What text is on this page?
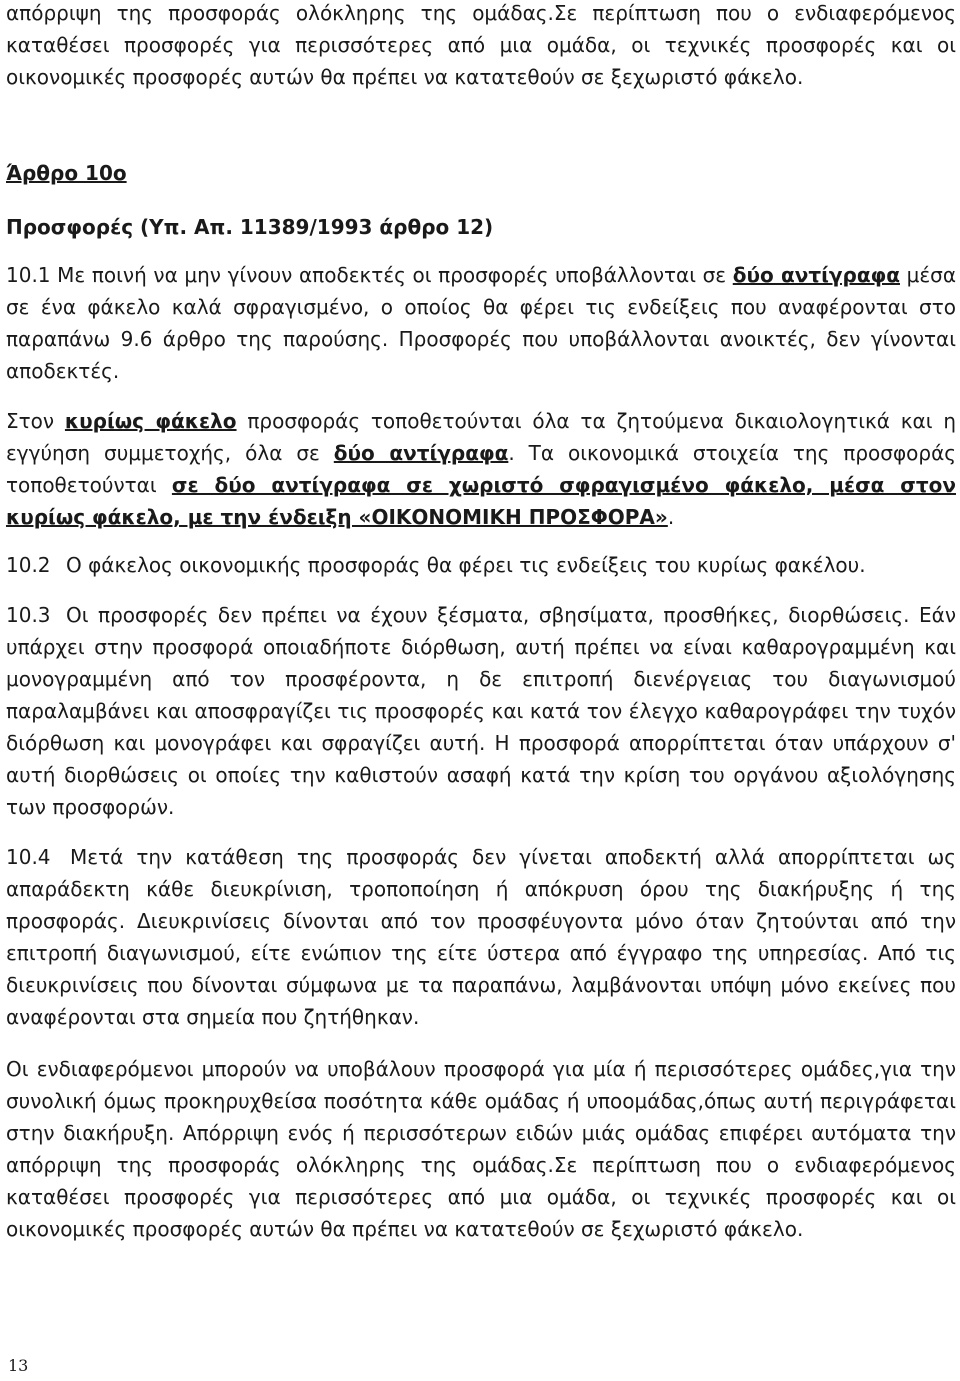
απόρριψη της προσφοράς ολόκληρης της ομάδας.Σε περίπτωση που ο ενδιαφερόμενος καταθέσει προσφορές για περισσότερες από μια ομάδα, οι τεχνικές προσφορές και οι οικονομικές προσφορές αυτών θα πρέπει να κατατεθούν σε ξεχωριστό φάκελο.

Άρθρο 10ο
Προσφορές (Υπ. Απ. 11389/1993 άρθρο 12)

10.1 Με ποινή να μην γίνουν αποδεκτές οι προσφορές υποβάλλονται σε δύο αντίγραφα μέσα σε ένα φάκελο καλά σφραγισμένο, ο οποίος θα φέρει τις ενδείξεις που αναφέρονται στο παραπάνω 9.6 άρθρο της παρούσης. Προσφορές που υποβάλλονται ανοικτές, δεν γίνονται αποδεκτές.

Στον κυρίως φάκελο προσφοράς τοποθετούνται όλα τα ζητούμενα δικαιολογητικά και η εγγύηση συμμετοχής, όλα σε δύο αντίγραφα. Τα οικονομικά στοιχεία της προσφοράς τοποθετούνται σε δύο αντίγραφα σε χωριστό σφραγισμένο φάκελο, μέσα στον κυρίως φάκελο, με την ένδειξη «ΟΙΚΟΝΟΜΙΚΗ ΠΡΟΣΦΟΡΑ».

10.2 Ο φάκελος οικονομικής προσφοράς θα φέρει τις ενδείξεις του κυρίως φακέλου.

10.3 Οι προσφορές δεν πρέπει να έχουν ξέσματα, σβησίματα, προσθήκες, διορθώσεις. Εάν υπάρχει στην προσφορά οποιαδήποτε διόρθωση, αυτή πρέπει να είναι καθαρογραμμένη και μονογραμμένη από τον προσφέροντα, η δε επιτροπή διενέργειας του διαγωνισμού παραλαμβάνει και αποσφραγίζει τις προσφορές και κατά τον έλεγχο καθαρογράφει την τυχόν διόρθωση και μονογράφει και σφραγίζει αυτή. Η προσφορά απορρίπτεται όταν υπάρχουν σ' αυτή διορθώσεις οι οποίες την καθιστούν ασαφή κατά την κρίση του οργάνου αξιολόγησης των προσφορών.

10.4 Μετά την κατάθεση της προσφοράς δεν γίνεται αποδεκτή αλλά απορρίπτεται ως απαράδεκτη κάθε διευκρίνιση, τροποποίηση ή απόκρυση όρου της διακήρυξης ή της προσφοράς. Διευκρινίσεις δίνονται από τον προσφέυγοντα μόνο όταν ζητούνται από την επιτροπή διαγωνισμού, είτε ενώπιον της είτε ύστερα από έγγραφο της υπηρεσίας. Από τις διευκρινίσεις που δίνονται σύμφωνα με τα παραπάνω, λαμβάνονται υπόψη μόνο εκείνες που αναφέρονται στα σημεία που ζητήθηκαν.

Οι ενδιαφερόμενοι μπορούν να υποβάλουν προσφορά για μία ή περισσότερες ομάδες,για την συνολική όμως προκηρυχθείσα ποσότητα κάθε ομάδας ή υποομάδας,όπως αυτή περιγράφεται στην διακήρυξη. Απόρριψη ενός ή περισσότερων ειδών μιάς ομάδας επιφέρει αυτόματα την απόρριψη της προσφοράς ολόκληρης της ομάδας.Σε περίπτωση που ο ενδιαφερόμενος καταθέσει προσφορές για περισσότερες από μια ομάδα, οι τεχνικές προσφορές και οι οικονομικές προσφορές αυτών θα πρέπει να κατατεθούν σε ξεχωριστό φάκελο.

13
